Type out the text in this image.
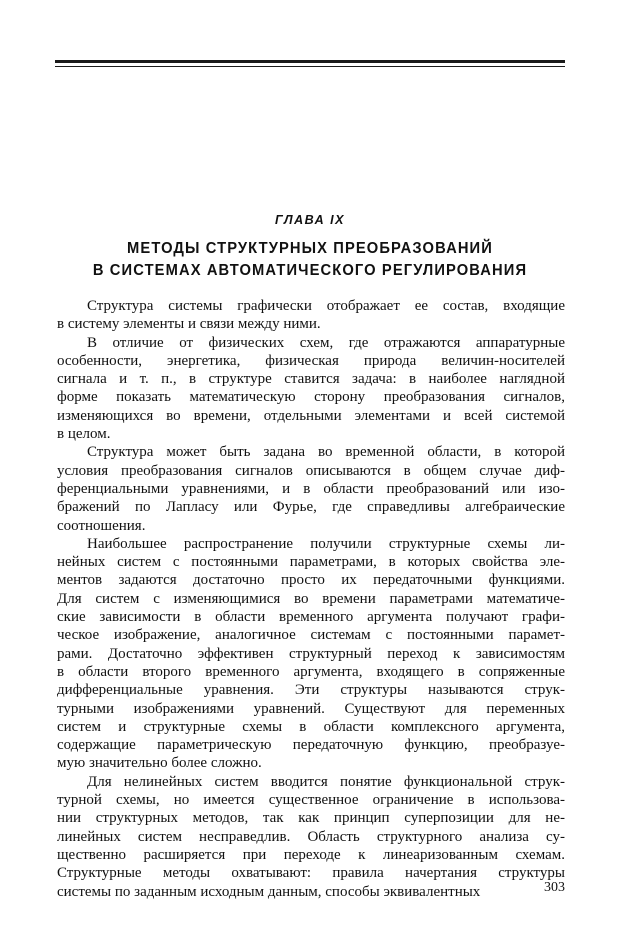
ГЛАВА IX
МЕТОДЫ СТРУКТУРНЫХ ПРЕОБРАЗОВАНИЙ
В СИСТЕМАХ АВТОМАТИЧЕСКОГО РЕГУЛИРОВАНИЯ

Структура системы графически отображает ее состав, входящие
в систему элементы и связи между ними.

В отличие от физических схем, где отражаются аппаратурные
особенности, энергетика, физическая природа величин-носителей
сигнала и т. п., в структуре ставится задача: в наиболее наглядной
форме показать математическую сторону преобразования сигналов,
изменяющихся во времени, отдельными элементами и всей системой
в целом.

Структура может быть задана во временной области, в которой
условия преобразования сигналов описываются в общем случае диф-
ференциальными уравнениями, и в области преобразований или изо-
бражений по Лапласу или Фурье, где справедливы алгебраические
соотношения.

Наибольшее распространение получили структурные схемы ли-
нейных систем с постоянными параметрами, в которых свойства эле-
ментов задаются достаточно просто их передаточными функциями.
Для систем с изменяющимися во времени параметрами математиче-
ские зависимости в области временного аргумента получают графи-
ческое изображение, аналогичное системам с постоянными парамет-
рами. Достаточно эффективен структурный переход к зависимостям
в области второго временного аргумента, входящего в сопряженные
дифференциальные уравнения. Эти структуры называются струк-
турными изображениями уравнений. Существуют для переменных
систем и структурные схемы в области комплексного аргумента,
содержащие параметрическую передаточную функцию, преобразуе-
мую значительно более сложно.

Для нелинейных систем вводится понятие функциональной струк-
турной схемы, но имеется существенное ограничение в использова-
нии структурных методов, так как принцип суперпозиции для не-
линейных систем несправедлив. Область структурного анализа су-
щественно расширяется при переходе к линеаризованным схемам.
Структурные методы охватывают: правила начертания структуры
системы по заданным исходным данным, способы эквивалентных	303
